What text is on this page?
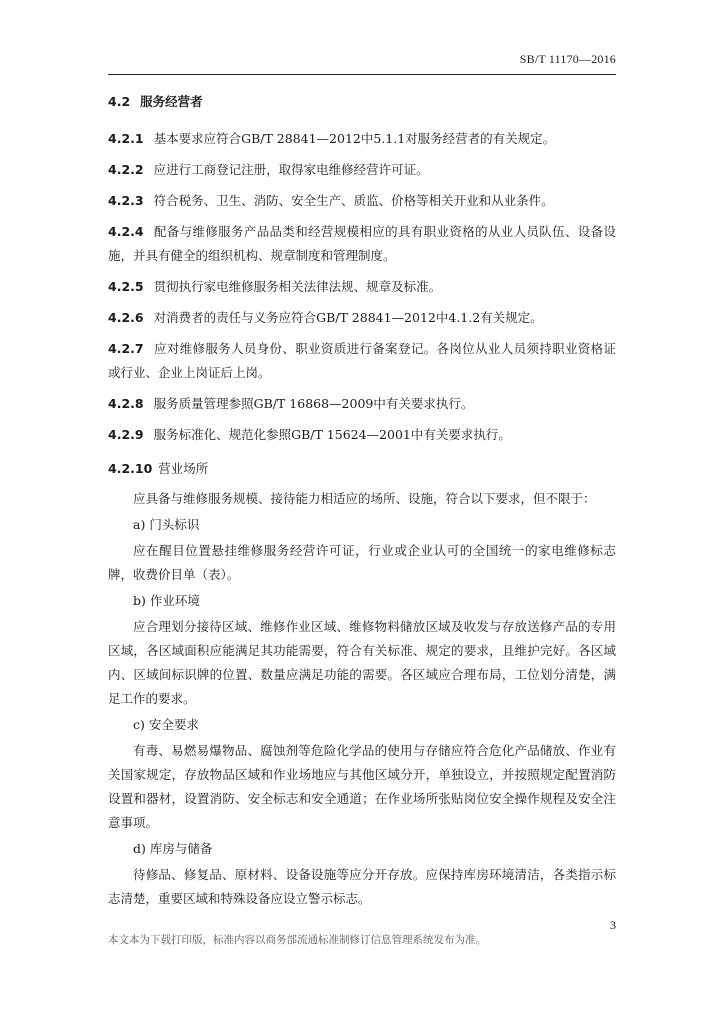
SB/T 11170—2016
4.2 服务经营者
4.2.1 基本要求应符合GB/T 28841—2012中5.1.1对服务经营者的有关规定。
4.2.2 应进行工商登记注册，取得家电维修经营许可证。
4.2.3 符合税务、卫生、消防、安全生产、质监、价格等相关开业和从业条件。
4.2.4 配备与维修服务产品品类和经营规模相应的具有职业资格的从业人员队伍、设备设施，并具有健全的组织机构、规章制度和管理制度。
4.2.5 贯彻执行家电维修服务相关法律法规、规章及标准。
4.2.6 对消费者的责任与义务应符合GB/T 28841—2012中4.1.2有关规定。
4.2.7 应对维修服务人员身份、职业资质进行备案登记。各岗位从业人员须持职业资格证或行业、企业上岗证后上岗。
4.2.8 服务质量管理参照GB/T 16868—2009中有关要求执行。
4.2.9 服务标准化、规范化参照GB/T 15624—2001中有关要求执行。
4.2.10 营业场所

应具备与维修服务规模、接待能力相适应的场所、设施，符合以下要求，但不限于：

a) 门头标识

应在醒目位置悬挂维修服务经营许可证，行业或企业认可的全国统一的家电维修标志牌，收费价目单（表）。

b) 作业环境

应合理划分接待区域、维修作业区域、维修物料储放区域及收发与存放送修产品的专用区域，各区域面积应能满足其功能需要，符合有关标准、规定的要求，且维护完好。各区域内、区域间标识牌的位置、数量应满足功能的需要。各区域应合理布局，工位划分清楚，满足工作的要求。

c) 安全要求

有毒、易燃易爆物品、腐蚀剂等危险化学品的使用与存储应符合危化产品储放、作业有关国家规定，存放物品区域和作业场地应与其他区域分开，单独设立，并按照规定配置消防设置和器材，设置消防、安全标志和安全通道；在作业场所张贴岗位安全操作规程及安全注意事项。

d) 库房与储备

待修品、修复品、原材料、设备设施等应分开存放。应保持库房环境清洁，各类指示标志清楚，重要区域和特殊设备应设立警示标志。

3
本文本为下载打印版，标准内容以商务部流通标准制修订信息管理系统发布为准。
